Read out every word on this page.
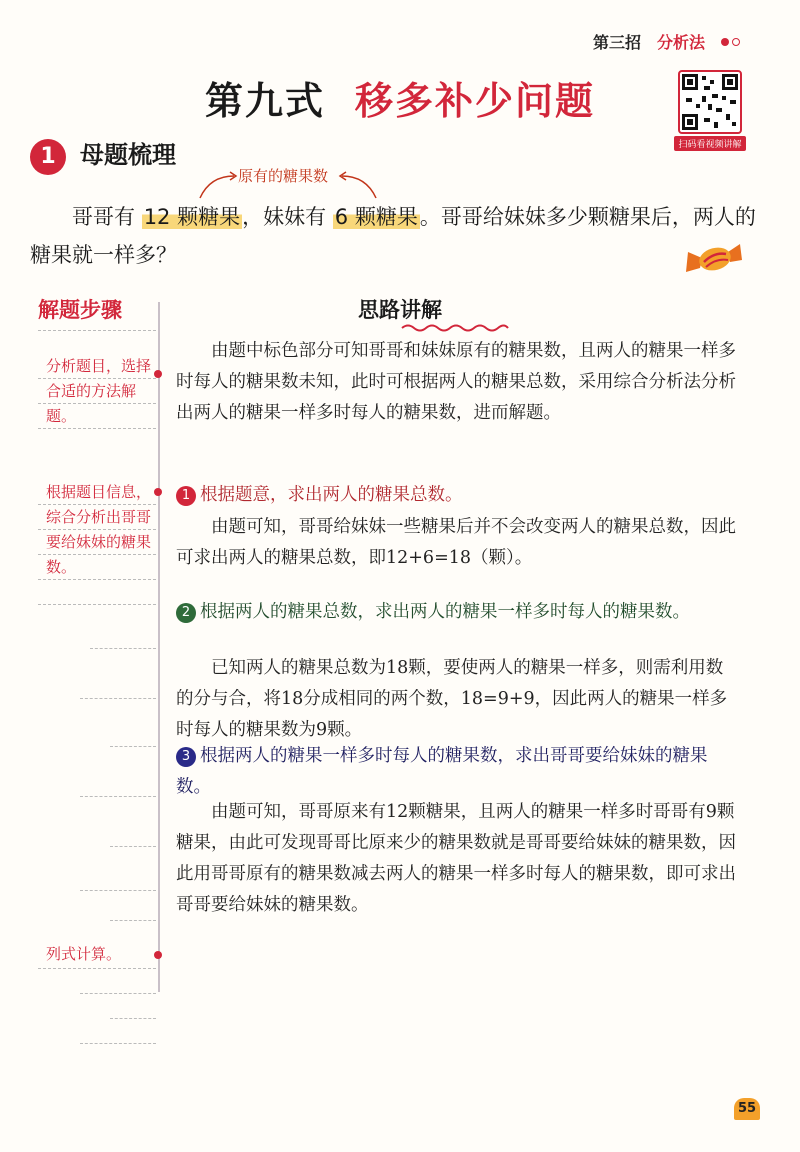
第三招 分析法
第九式 移多补少问题
扫码看视频讲解
1	母题梳理
原有的糖果数
哥哥有 12 颗糖果，妹妹有 6 颗糖果。哥哥给妹妹多少颗糖果后，两人的糖果就一样多？
解题步骤
分析题目，选择合适的方法解题。
根据题目信息，综合分析出哥哥要给妹妹的糖果数。
列式计算。
思路讲解
由题中标色部分可知哥哥和妹妹原有的糖果数，且两人的糖果一样多时每人的糖果数未知，此时可根据两人的糖果总数，采用综合分析法分析出两人的糖果一样多时每人的糖果数，进而解题。
1 根据题意，求出两人的糖果总数。
由题可知，哥哥给妹妹一些糖果后并不会改变两人的糖果总数，因此可求出两人的糖果总数，即12+6=18（颗）。
2 根据两人的糖果总数，求出两人的糖果一样多时每人的糖果数。
已知两人的糖果总数为18颗，要使两人的糖果一样多，则需利用数的分与合，将18分成相同的两个数，18=9+9，因此两人的糖果一样多时每人的糖果数为9颗。
3 根据两人的糖果一样多时每人的糖果数，求出哥哥要给妹妹的糖果数。
由题可知，哥哥原来有12颗糖果，且两人的糖果一样多时哥哥有9颗糖果，由此可发现哥哥比原来少的糖果数就是哥哥要给妹妹的糖果数，因此用哥哥原有的糖果数减去两人的糖果一样多时每人的糖果数，即可求出哥哥要给妹妹的糖果数。
55
